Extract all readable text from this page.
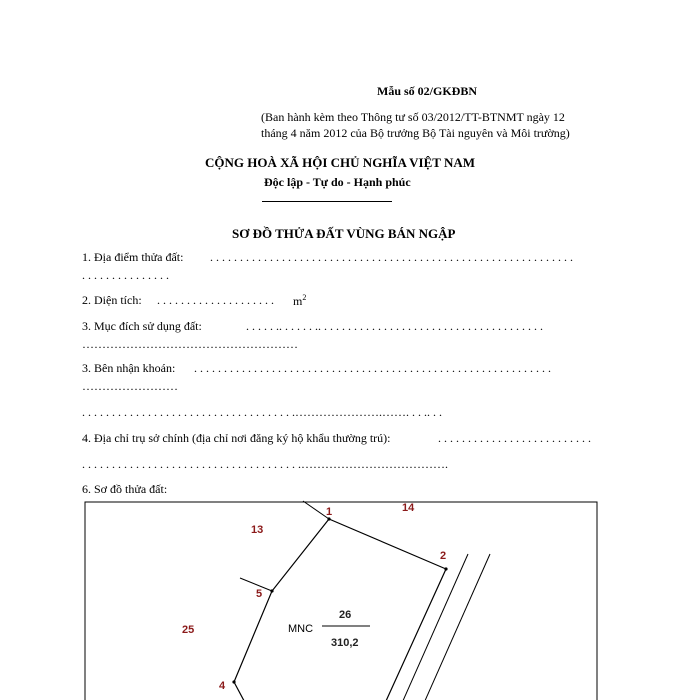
Mẫu số 02/GKĐBN
(Ban hành kèm theo Thông tư số 03/2012/TT-BTNMT ngày 12
tháng 4 năm 2012 của Bộ trưởng Bộ Tài nguyên và Môi trường)
CỘNG HOÀ XÃ HỘI CHỦ NGHĨA VIỆT NAM
Độc lập - Tự do - Hạnh phúc
SƠ ĐỒ THỬA ĐẤT VÙNG BÁN NGẬP
1. Địa điểm thửa đất: . . . . . . . . . . . . . . . . . . . . . . . . . . . . . . . . . . . . . . . . . . . . . . . . . . . . . . . . . . . . .
. . . . . . . . . . . . . . .
2. Diện tích: . . . . . . . . . . . . . . . . . . . . $m^2$
3. Mục đích sử dụng đất:	. . . . . .. . . . . . .. . . . . . . . . . . . . . . . . . . . . . . . . . . . . . . . . . . . . .
………………………………………………
3. Bên nhận khoán: . . . . . . . . . . . . . . . . . . . . . . . . . . . . . . . . . . . . . . . . . . . . . . . . . . . . . . . . . . . .
……………………
. . . . . . . . . . . . . . . . . . . . . . . . . . . . . . . . . . . .………………….……. . . .. . .
4. Địa chỉ trụ sở chính (địa chỉ nơi đăng ký hộ khẩu thường trú):	. . . . . . . . . . . . . . . . . . . . . . . . . .
. . . . . . . . . . . . . . . . . . . . . . . . . . . . . . . . . . . . .……………………………….
6. Sơ đồ thửa đất:
1
2
4
5
13
14
25
26
MNC
310,2
